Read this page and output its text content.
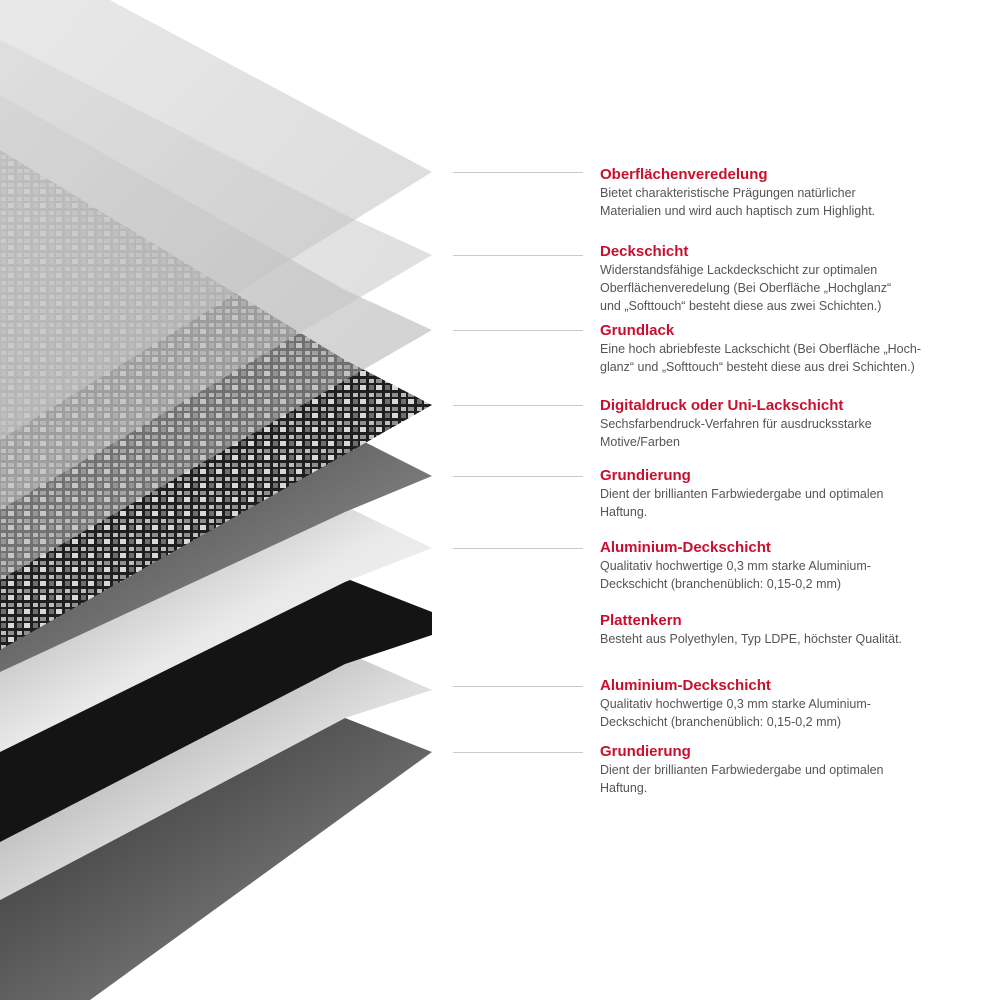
Oberflächenveredelung

Bietet charakteristische Prägungen natürlicher

Materialien und wird auch haptisch zum Highlight.

Deckschicht

Widerstandsfähige Lackdeckschicht zur optimalen

Oberflächenveredelung (Bei Oberfläche „Hochglanz“

und „Softtouch“ besteht diese aus zwei Schichten.)

Grundlack

Eine hoch abriebfeste Lackschicht (Bei Oberfläche „Hoch-

glanz“ und „Softtouch“ besteht diese aus drei Schichten.)

Digitaldruck oder Uni-Lackschicht

Sechsfarbendruck-Verfahren für ausdrucksstarke

Motive/Farben

Grundierung

Dient der brillianten Farbwiedergabe und optimalen

Haftung.

Aluminium-Deckschicht

Qualitativ hochwertige 0,3 mm starke Aluminium-

Deckschicht (branchenüblich: 0,15-0,2 mm)

Plattenkern

Besteht aus Polyethylen, Typ LDPE, höchster Qualität.

Aluminium-Deckschicht

Qualitativ hochwertige 0,3 mm starke Aluminium-

Deckschicht (branchenüblich: 0,15-0,2 mm)

Grundierung

Dient der brillianten Farbwiedergabe und optimalen

Haftung.
